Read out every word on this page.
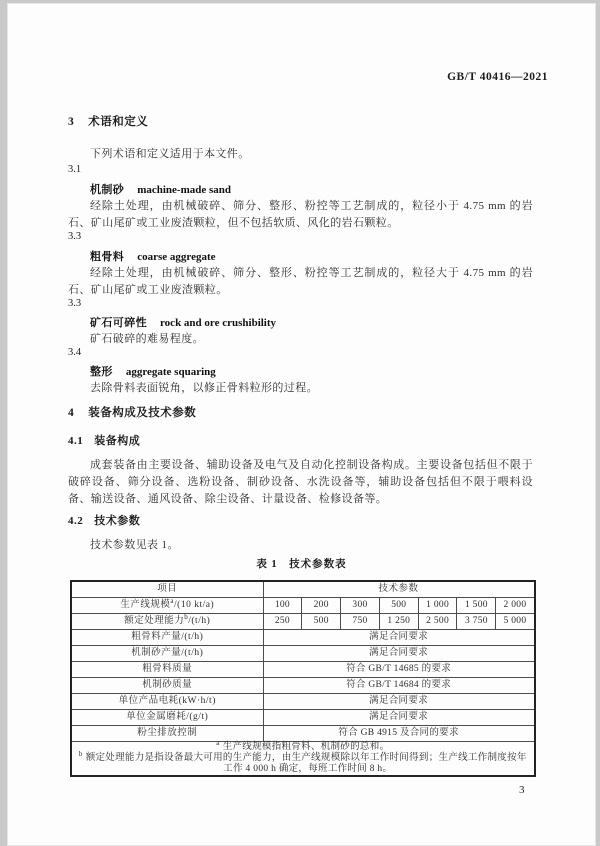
GB/T 40416—2021
3 术语和定义
下列术语和定义适用于本文件。
3.1
机制砂 machine-made sand
经除土处理，由机械破碎、筛分、整形、粉控等工艺制成的，粒径小于 4.75 mm 的岩石、矿山尾矿或工业废渣颗粒，但不包括软质、风化的岩石颗粒。
3.3
粗骨料 coarse aggregate
经除土处理，由机械破碎、筛分、整形、粉控等工艺制成的，粒径大于 4.75 mm 的岩石、矿山尾矿或工业废渣颗粒。
3.3
矿石可碎性 rock and ore crushibility
矿石破碎的难易程度。
3.4
整形 aggregate squaring
去除骨料表面锐角，以修正骨料粒形的过程。
4 装备构成及技术参数
4.1 装备构成
成套装备由主要设备、辅助设备及电气及自动化控制设备构成。主要设备包括但不限于破碎设备、筛分设备、选粉设备、制砂设备、水洗设备等，辅助设备包括但不限于喂料设备、输送设备、通风设备、除尘设备、计量设备、检修设备等。
4.2 技术参数
技术参数见表 1。
表 1　技术参数表
项目	技术参数						
生产线规模$^a$/(10 kt/a)	100	200	300	500	1 000	1 500	2 000
额定处理能力$^b$/(t/h)	250	500	750	1 250	2 500	3 750	5 000
粗骨料产量/(t/h)	满足合同要求						
机制砂产量/(t/h)	满足合同要求						
粗骨料质量	符合 GB/T 14685 的要求						
机制砂质量	符合 GB/T 14684 的要求						
单位产品电耗(kW·h/t)	满足合同要求						
单位金属磨耗/(g/t)	满足合同要求						
粉尘排放控制	符合 GB 4915 及合同的要求						

$^a$ 生产线规模指粗骨料、机制砂的总和。
$^b$ 额定处理能力是指设备最大可用的生产能力，由生产线规模除以年工作时间得到；生产线工作制度按年工作 4 000 h 确定，每班工作时间 8 h。							
3
